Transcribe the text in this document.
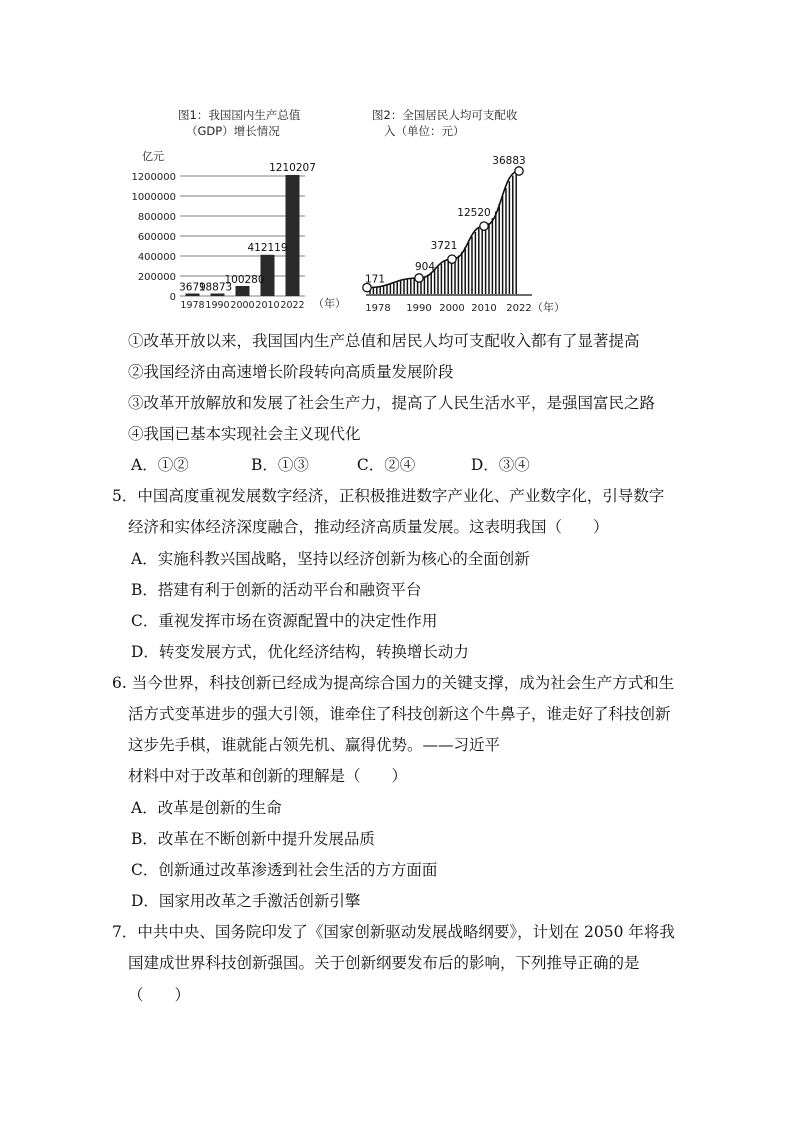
图1：我国国内生产总值
（GDP）增长情况
亿元
1200000
1000000
800000
600000
400000
200000
0
3679
18873
100280
412119
1210207
1978 1990 2000 2010 2022 （年）
图2：全国居民人均可支配收
入（单位：元）
171
904
3721
12520
36883
1978 1990 2000 2010 2022 （年）
①改革开放以来，我国国内生产总值和居民人均可支配收入都有了显著提高
②我国经济由高速增长阶段转向高质量发展阶段
③改革开放解放和发展了社会生产力，提高了人民生活水平，是强国富民之路
④我国已基本实现社会主义现代化
A．①②	B．①③	C．②④	D．③④
5．中国高度重视发展数字经济，正积极推进数字产业化、产业数字化，引导数字
经济和实体经济深度融合，推动经济高质量发展。这表明我国（　　）
A．实施科教兴国战略，坚持以经济创新为核心的全面创新
B．搭建有利于创新的活动平台和融资平台
C．重视发挥市场在资源配置中的决定性作用
D．转变发展方式，优化经济结构，转换增长动力
6. 当今世界，科技创新已经成为提高综合国力的关键支撑，成为社会生产方式和生
活方式变革进步的强大引领，谁牵住了科技创新这个牛鼻子，谁走好了科技创新
这步先手棋，谁就能占领先机、赢得优势。——习近平
材料中对于改革和创新的理解是（　　）
A．改革是创新的生命
B．改革在不断创新中提升发展品质
C．创新通过改革渗透到社会生活的方方面面
D．国家用改革之手激活创新引擎
7．中共中央、国务院印发了《国家创新驱动发展战略纲要》，计划在 2050 年将我
国建成世界科技创新强国。关于创新纲要发布后的影响，下列推导正确的是
（　　）
